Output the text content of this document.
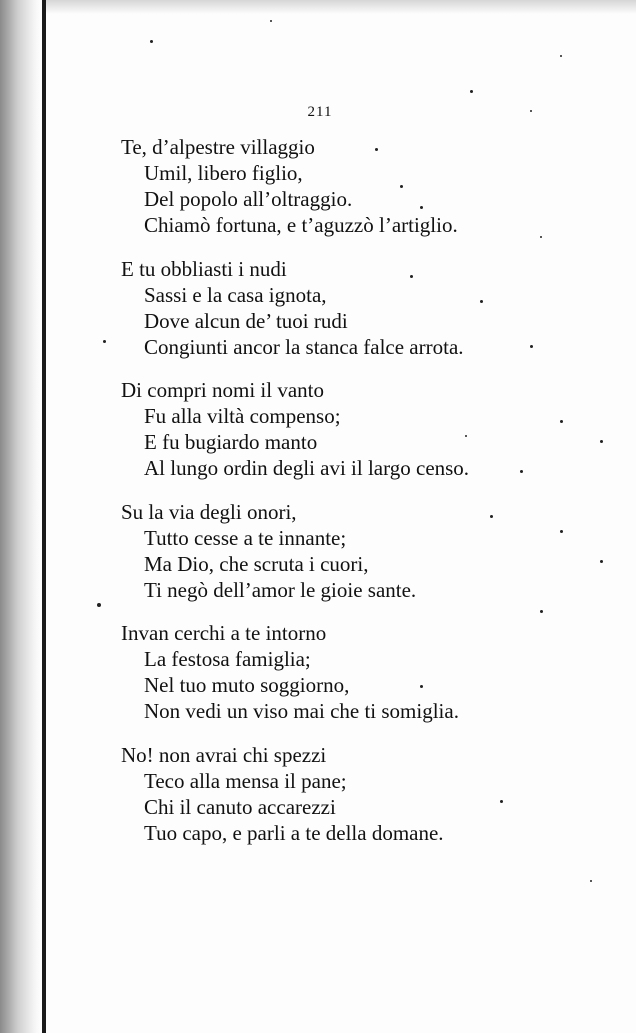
211
Te, d’alpestre villaggio
Umil, libero figlio,
Del popolo all’oltraggio.
Chiamò fortuna, e t’aguzzò l’artiglio.
E tu obbliasti i nudi
Sassi e la casa ignota,
Dove alcun de’ tuoi rudi
Congiunti ancor la stanca falce arrota.
Di compri nomi il vanto
Fu alla viltà compenso;
E fu bugiardo manto
Al lungo ordin degli avi il largo censo.
Su la via degli onori,
Tutto cesse a te innante;
Ma Dio, che scruta i cuori,
Ti negò dell’amor le gioie sante.
Invan cerchi a te intorno
La festosa famiglia;
Nel tuo muto soggiorno,
Non vedi un viso mai che ti somiglia.
No! non avrai chi spezzi
Teco alla mensa il pane;
Chi il canuto accarezzi
Tuo capo, e parli a te della domane.
